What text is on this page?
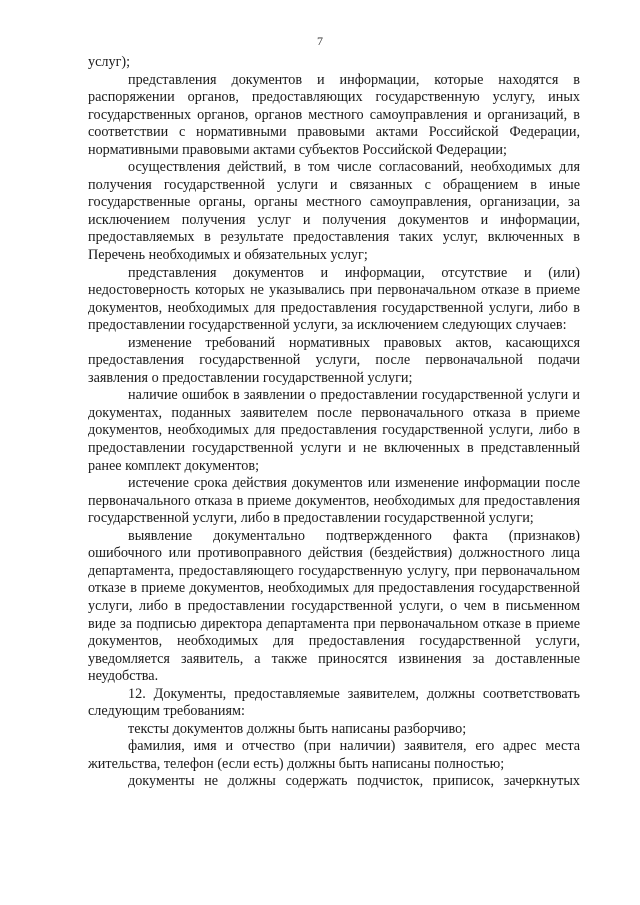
7

услуг);

представления документов и информации, которые находятся в распоряжении органов, предоставляющих государственную услугу, иных государственных органов, органов местного самоуправления и организаций, в соответствии с нормативными правовыми актами Российской Федерации, нормативными правовыми актами субъектов Российской Федерации;

осуществления действий, в том числе согласований, необходимых для получения государственной услуги и связанных с обращением в иные государственные органы, органы местного самоуправления, организации, за исключением получения услуг и получения документов и информации, предоставляемых в результате предоставления таких услуг, включенных в Перечень необходимых и обязательных услуг;

представления документов и информации, отсутствие и (или) недостоверность которых не указывались при первоначальном отказе в приеме документов, необходимых для предоставления государственной услуги, либо в предоставлении государственной услуги, за исключением следующих случаев:

изменение требований нормативных правовых актов, касающихся предоставления государственной услуги, после первоначальной подачи заявления о предоставлении государственной услуги;

наличие ошибок в заявлении о предоставлении государственной услуги и документах, поданных заявителем после первоначального отказа в приеме документов, необходимых для предоставления государственной услуги, либо в предоставлении государственной услуги и не включенных в представленный ранее комплект документов;

истечение срока действия документов или изменение информации после первоначального отказа в приеме документов, необходимых для предоставления государственной услуги, либо в предоставлении государственной услуги;

выявление документально подтвержденного факта (признаков) ошибочного или противоправного действия (бездействия) должностного лица департамента, предоставляющего государственную услугу, при первоначальном отказе в приеме документов, необходимых для предоставления государственной услуги, либо в предоставлении государственной услуги, о чем в письменном виде за подписью директора департамента при первоначальном отказе в приеме документов, необходимых для предоставления государственной услуги, уведомляется заявитель, а также приносятся извинения за доставленные неудобства.

12. Документы, предоставляемые заявителем, должны соответствовать следующим требованиям:

тексты документов должны быть написаны разборчиво;

фамилия, имя и отчество (при наличии) заявителя, его адрес места жительства, телефон (если есть) должны быть написаны полностью;

документы не должны содержать подчисток, приписок, зачеркнутых
